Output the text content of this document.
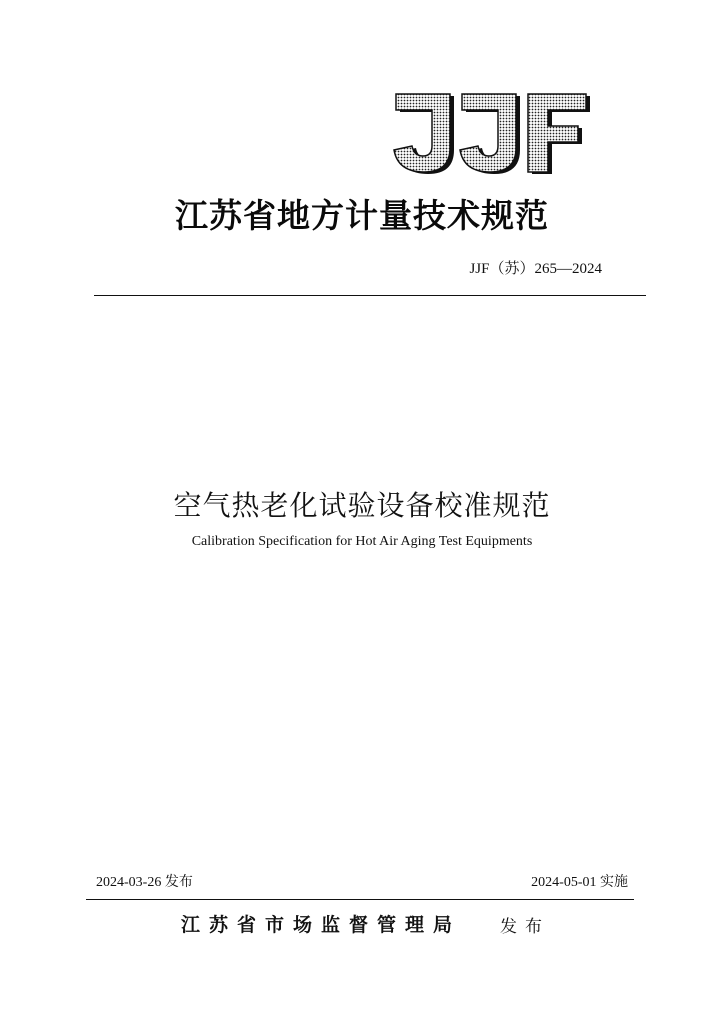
江苏省地方计量技术规范
JJF（苏）265—2024
空气热老化试验设备校准规范
Calibration Specification for Hot Air Aging Test Equipments
2024-03-26 发布	2024-05-01 实施
江苏省市场监督管理局 发布
